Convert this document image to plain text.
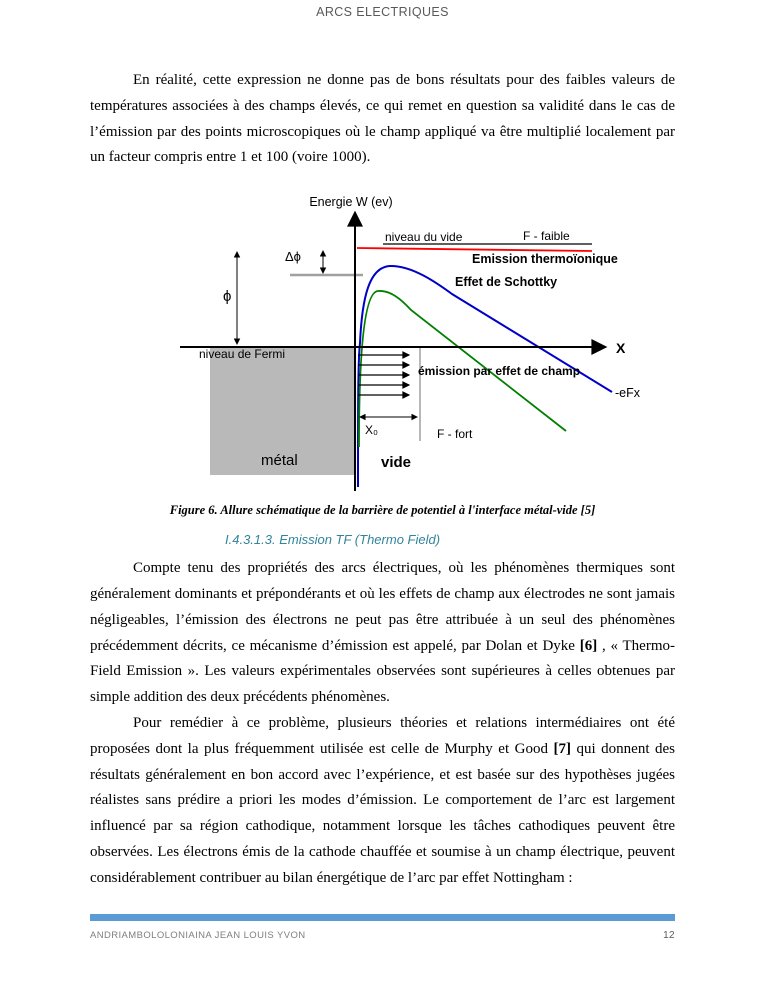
ARCS ELECTRIQUES

En réalité, cette expression ne donne pas de bons résultats pour des faibles valeurs de températures associées à des champs élevés, ce qui remet en question sa validité dans le cas de l’émission par des points microscopiques où le champ appliqué va être multiplié localement par un facteur compris entre 1 et 100 (voire 1000).

Energie W (ev)
X
niveau du vide	F - faible
Emission thermoïonique
Effet de Schottky
niveau de Fermi
émission par effet de champ
-eFx
X₀	F - fort
métal	vide
Δϕ
ϕ

Figure 6. Allure schématique de la barrière de potentiel à l'interface métal-vide [5]

I.4.3.1.3. Emission TF (Thermo Field)

Compte tenu des propriétés des arcs électriques, où les phénomènes thermiques sont généralement dominants et prépondérants et où les effets de champ aux électrodes ne sont jamais négligeables, l’émission des électrons ne peut pas être attribuée à un seul des phénomènes précédemment décrits, ce mécanisme d’émission est appelé, par Dolan et Dyke [6] , « Thermo-Field Emission ». Les valeurs expérimentales observées sont supérieures à celles obtenues par simple addition des deux précédents phénomènes.

Pour remédier à ce problème, plusieurs théories et relations intermédiaires ont été proposées dont la plus fréquemment utilisée est celle de Murphy et Good [7] qui donnent des résultats généralement en bon accord avec l’expérience, et est basée sur des hypothèses jugées réalistes sans prédire a priori les modes d’émission. Le comportement de l’arc est largement influencé par sa région cathodique, notamment lorsque les tâches cathodiques peuvent être observées. Les électrons émis de la cathode chauffée et soumise à un champ électrique, peuvent considérablement contribuer au bilan énergétique de l’arc par effet Nottingham :

ANDRIAMBOLOLONIAINA JEAN LOUIS YVON	12
